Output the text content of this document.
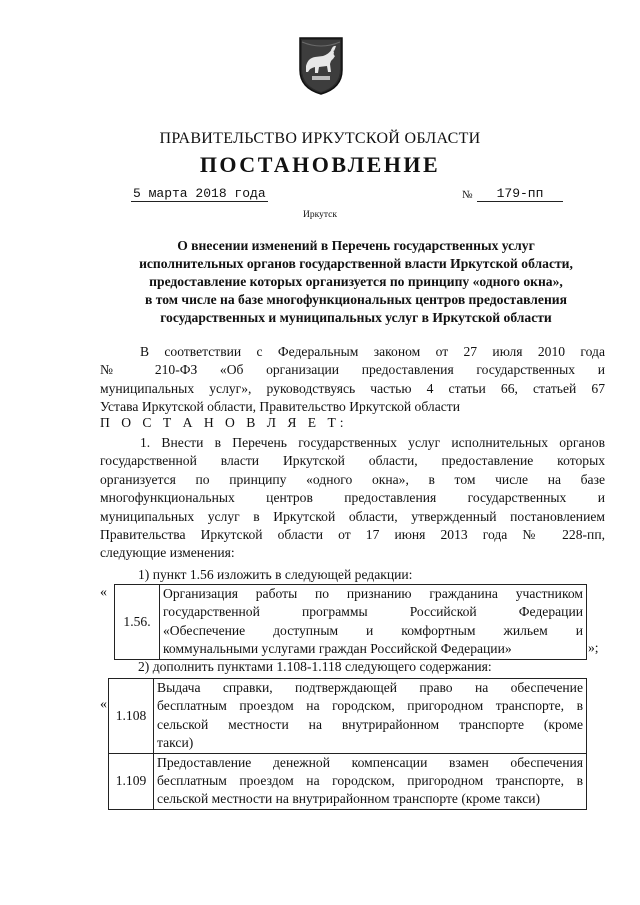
ПРАВИТЕЛЬСТВО ИРКУТСКОЙ ОБЛАСТИ
ПОСТАНОВЛЕНИЕ
5 марта 2018 года	№	179-пп
Иркутск
О внесении изменений в Перечень государственных услуг
исполнительных органов государственной власти Иркутской области,
предоставление которых организуется по принципу «одного окна»,
в том числе на базе многофункциональных центров предоставления
государственных и муниципальных услуг в Иркутской области
В соответствии с Федеральным законом от 27 июля 2010 года
№ 210-ФЗ «Об организации предоставления государственных и
муниципальных услуг», руководствуясь частью 4 статьи 66, статьей 67
Устава Иркутской области, Правительство Иркутской области
П О С Т А Н О В Л Я Е Т:
1. Внести в Перечень государственных услуг исполнительных органов
государственной власти Иркутской области, предоставление которых
организуется по принципу «одного окна», в том числе на базе
многофункциональных центров предоставления государственных и
муниципальных услуг в Иркутской области, утвержденный постановлением
Правительства Иркутской области от 17 июня 2013 года № 228-пп,
следующие изменения:
1) пункт 1.56 изложить в следующей редакции:
«
1.56.	
Организация работы по признанию гражданина участником
государственной программы Российской Федерации
«Обеспечение доступным и комфортным жильем и
коммунальными услугами граждан Российской Федерации»	»;
2) дополнить пунктами 1.108-1.118 следующего содержания:
«
1.108	Выдача справки, подтверждающей право на обеспечение
бесплатным проездом на городском, пригородном транспорте, в
сельской местности на внутрирайонном транспорте (кроме
такси)

1.109	Предоставление денежной компенсации взамен обеспечения
бесплатным проездом на городском, пригородном транспорте, в
сельской местности на внутрирайонном транспорте (кроме такси)
